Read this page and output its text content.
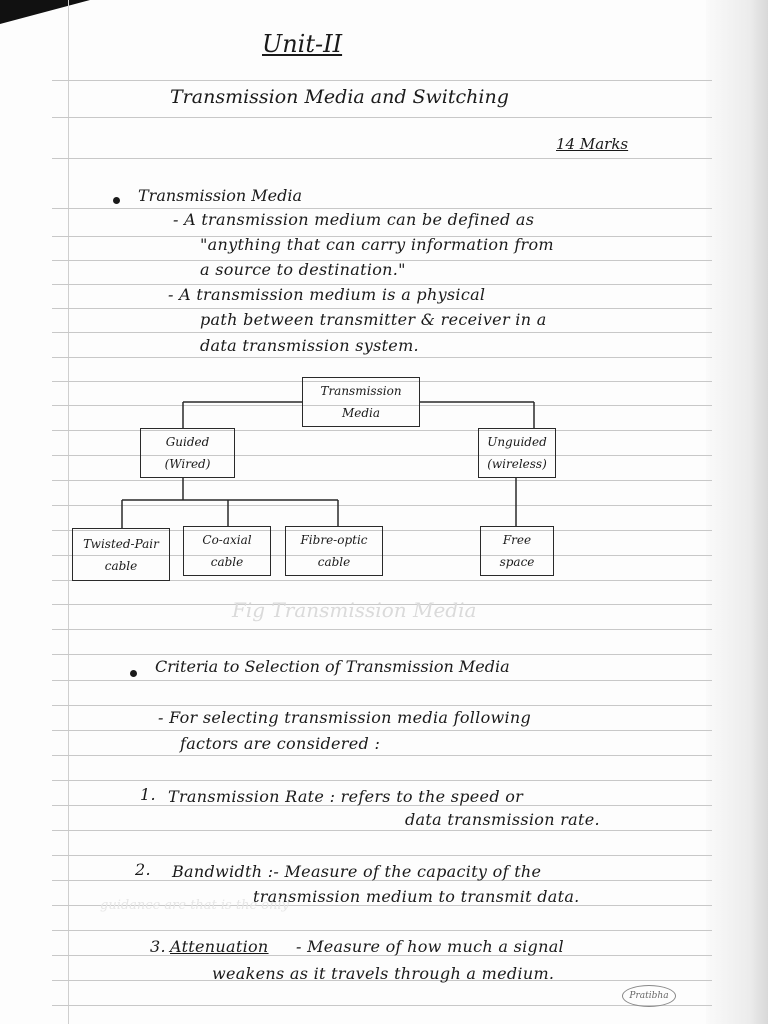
Unit-II
Transmission Media and Switching
14 Marks
Transmission Media
- A transmission medium can be defined as
"anything that can carry information from
a source to destination."
- A transmission medium is a physical
path between transmitter & receiver in a
data transmission system.
Transmission
Media
Guided
(Wired)
Unguided
(wireless)
Twisted-Pair
cable
Co-axial
cable
Fibre-optic
cable
Free
space
Fig Transmission Media
Criteria to Selection of Transmission Media
- For selecting transmission media following
factors are considered :
1. Transmission Rate : refers to the speed or
data transmission rate.
2. Bandwidth :- Measure of the capacity of the
transmission medium to transmit data.
guidance are that is the only
3. Attenuation - Measure of how much a signal
weakens as it travels through a medium.
Pratibha
